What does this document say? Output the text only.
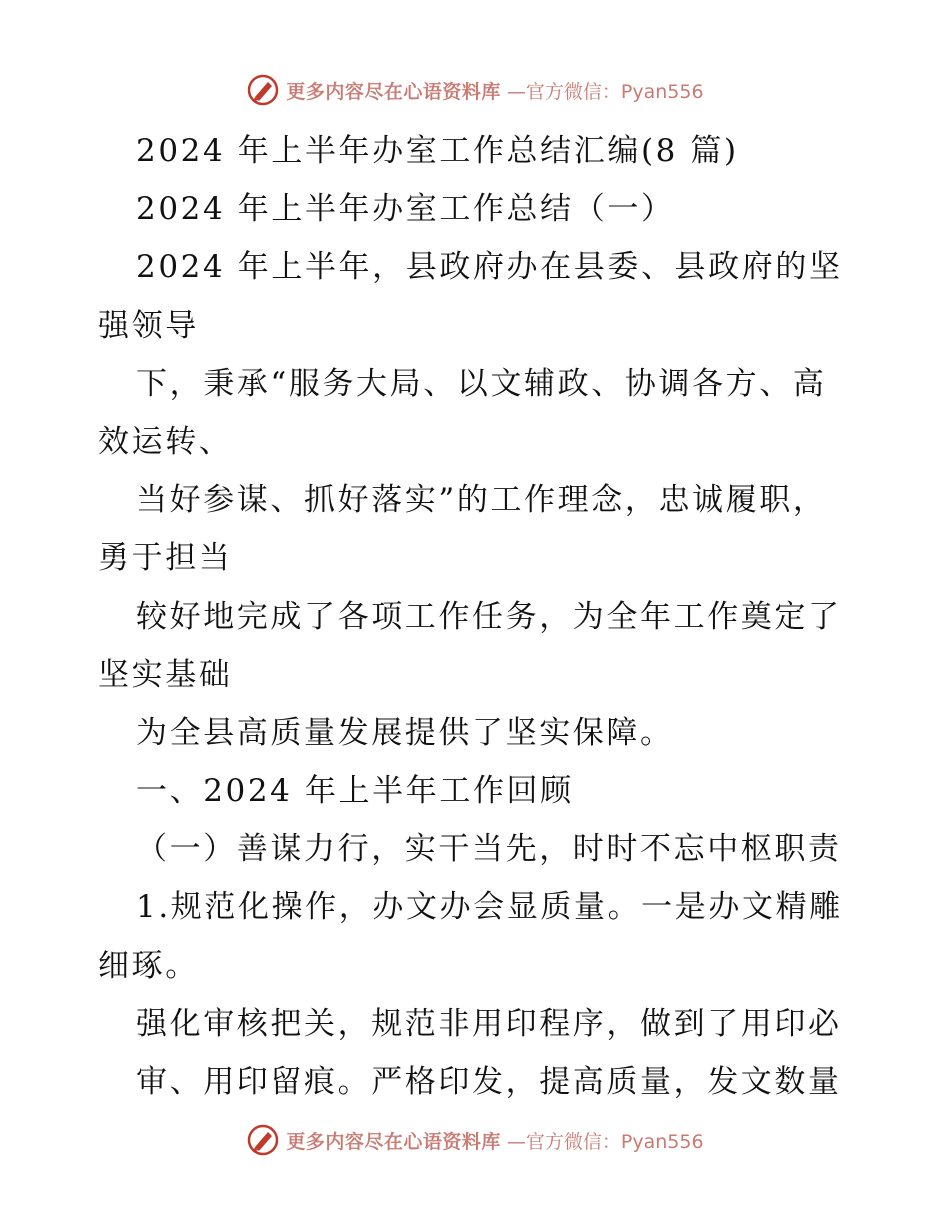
更多内容尽在心语资料库 —官方微信：Pyan556
2024 年上半年办室工作总结汇编(8 篇)
2024 年上半年办室工作总结（一）
2024 年上半年，县政府办在县委、县政府的坚
强领导
下，秉承“服务大局、以文辅政、协调各方、高
效运转、
当好参谋、抓好落实”的工作理念，忠诚履职，
勇于担当
较好地完成了各项工作任务，为全年工作奠定了
坚实基础
为全县高质量发展提供了坚实保障。
一、2024 年上半年工作回顾
（一）善谋力行，实干当先，时时不忘中枢职责
1.规范化操作，办文办会显质量。一是办文精雕
细琢。
强化审核把关，规范非用印程序，做到了用印必
审、用印留痕。严格印发，提高质量，发文数量
更多内容尽在心语资料库 —官方微信：Pyan556
